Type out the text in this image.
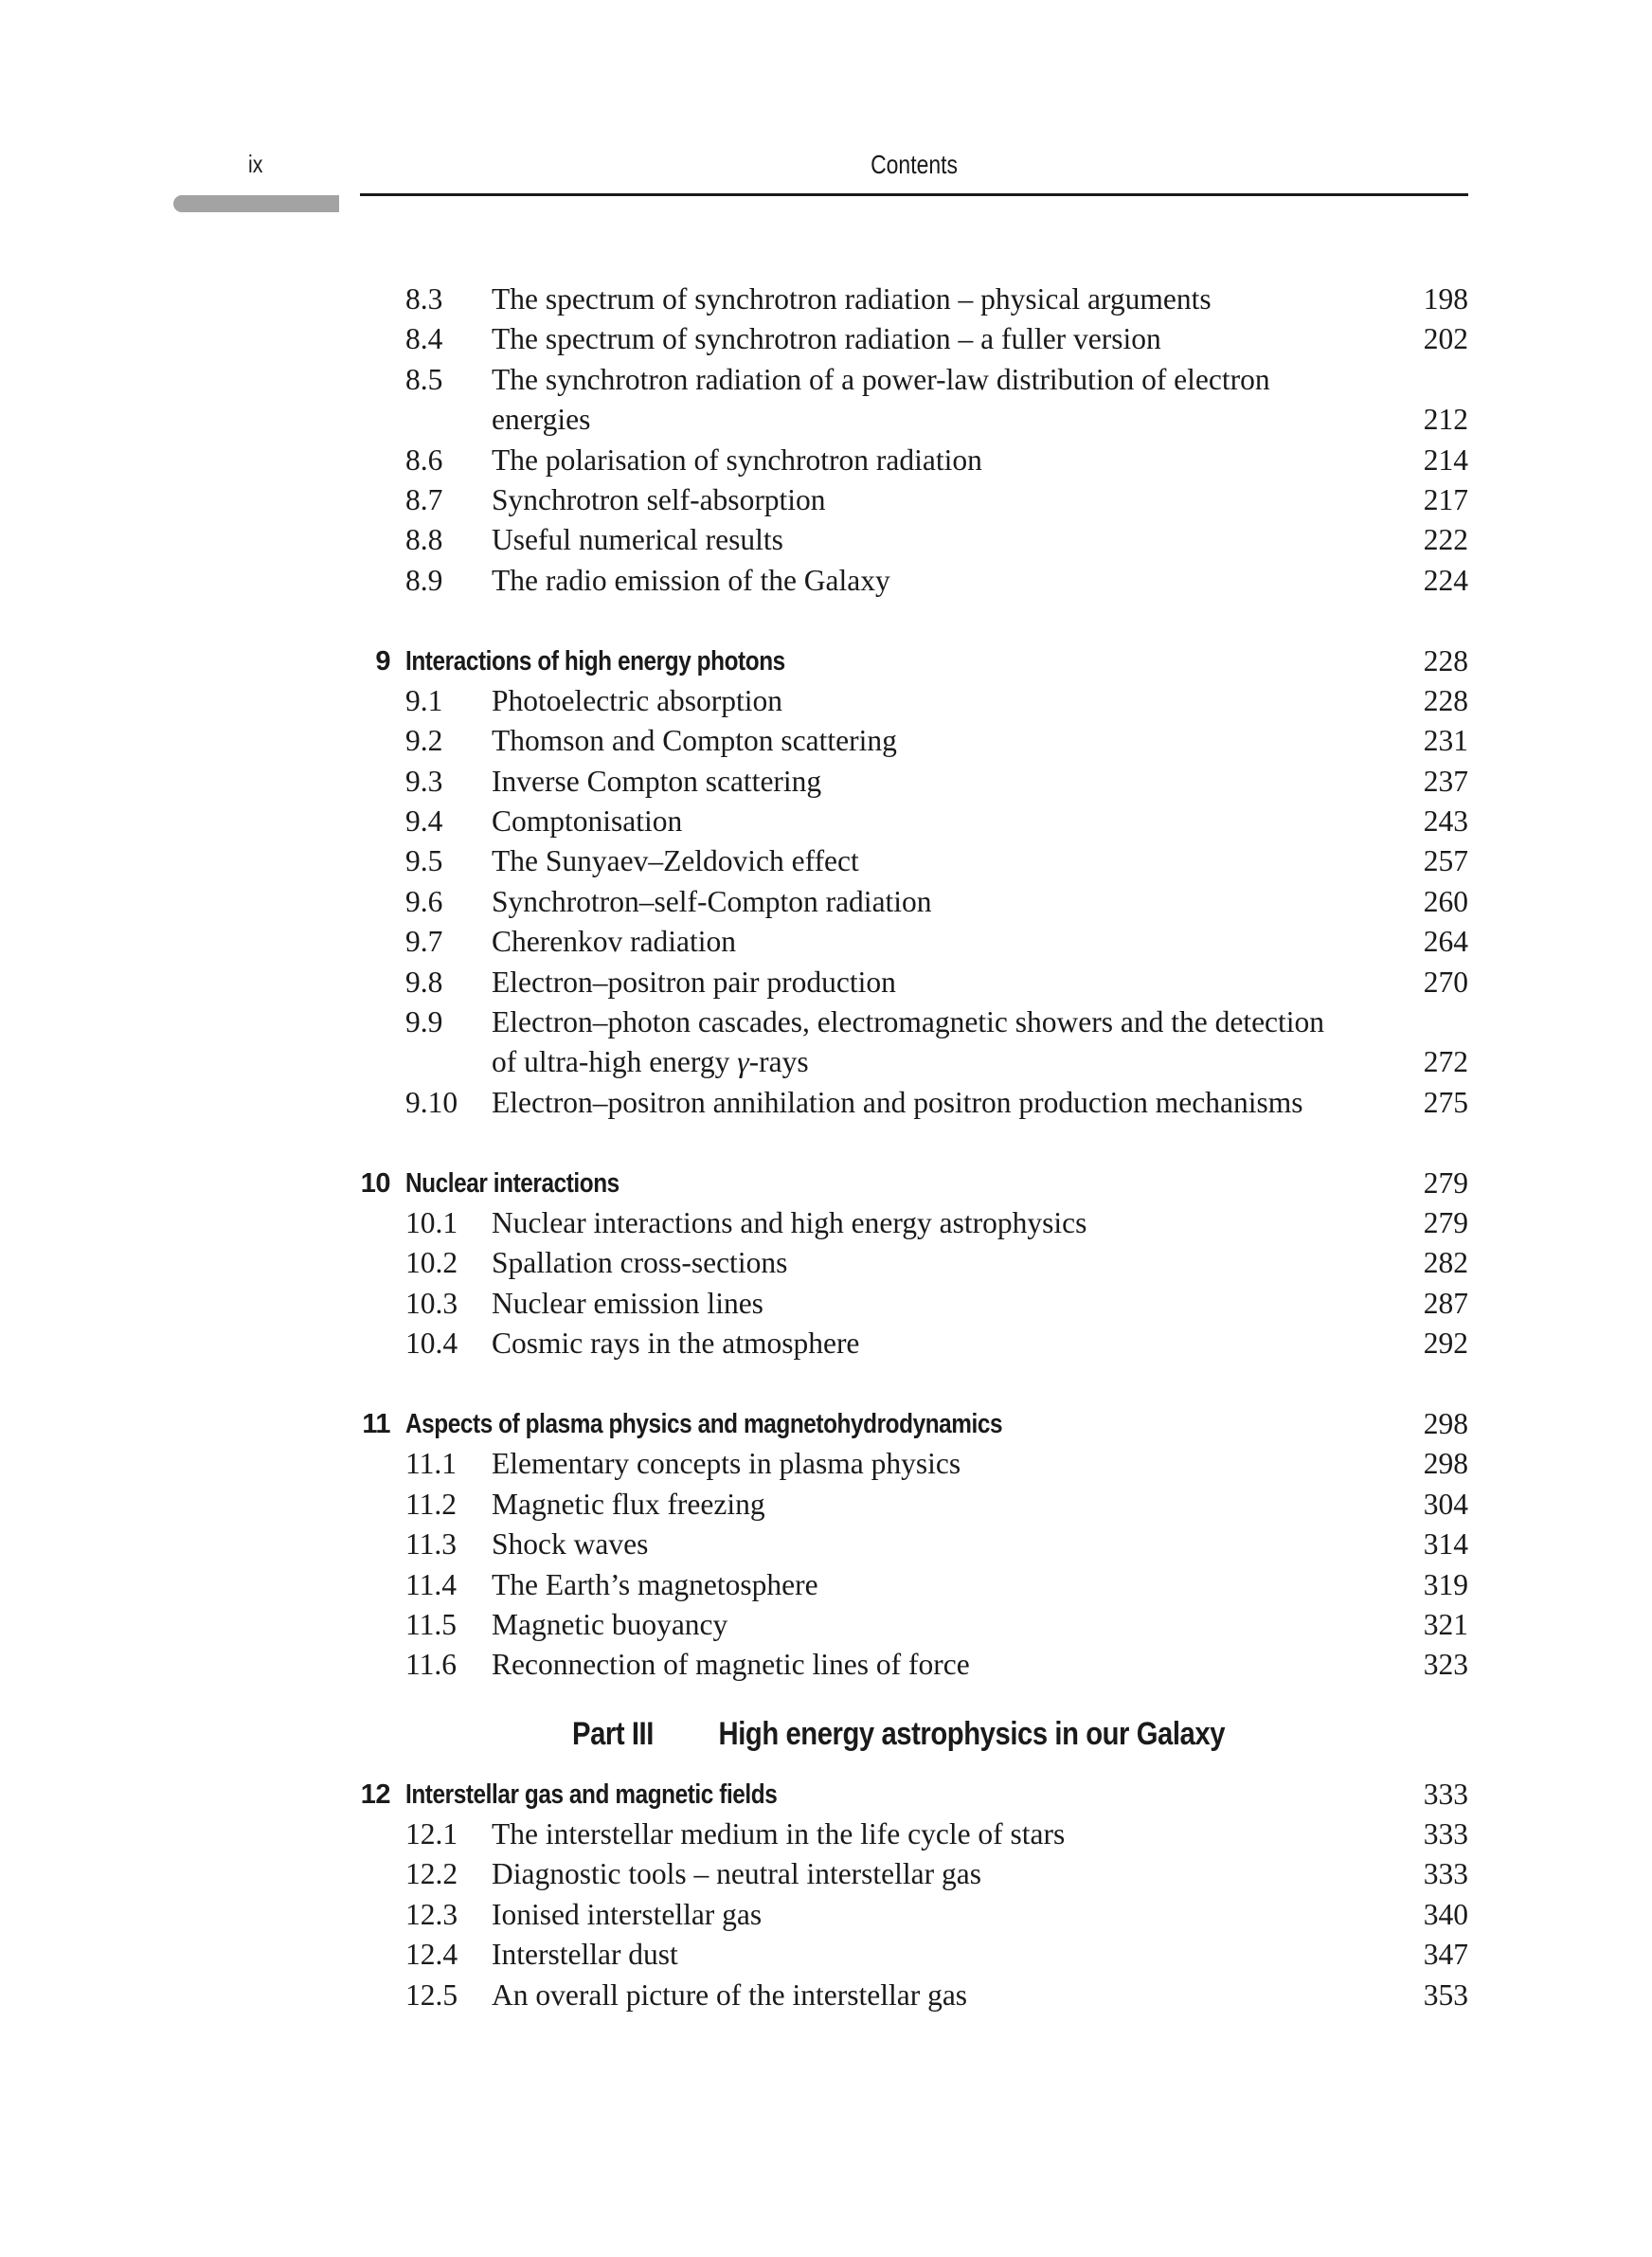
ix	Contents
8.3 The spectrum of synchrotron radiation – physical arguments	198
8.4 The spectrum of synchrotron radiation – a fuller version	202
8.5 The synchrotron radiation of a power-law distribution of electron
energies	212
8.6 The polarisation of synchrotron radiation	214
8.7 Synchrotron self-absorption	217
8.8 Useful numerical results	222
8.9 The radio emission of the Galaxy	224
9 Interactions of high energy photons	228
9.1 Photoelectric absorption	228
9.2 Thomson and Compton scattering	231
9.3 Inverse Compton scattering	237
9.4 Comptonisation	243
9.5 The Sunyaev–Zeldovich effect	257
9.6 Synchrotron–self-Compton radiation	260
9.7 Cherenkov radiation	264
9.8 Electron–positron pair production	270
9.9 Electron–photon cascades, electromagnetic showers and the detection
of ultra-high energy γ-rays	272
9.10 Electron–positron annihilation and positron production mechanisms	275
10 Nuclear interactions	279
10.1 Nuclear interactions and high energy astrophysics	279
10.2 Spallation cross-sections	282
10.3 Nuclear emission lines	287
10.4 Cosmic rays in the atmosphere	292
11 Aspects of plasma physics and magnetohydrodynamics	298
11.1 Elementary concepts in plasma physics	298
11.2 Magnetic flux freezing	304
11.3 Shock waves	314
11.4 The Earth’s magnetosphere	319
11.5 Magnetic buoyancy	321
11.6 Reconnection of magnetic lines of force	323
Part III High energy astrophysics in our Galaxy
12 Interstellar gas and magnetic fields	333
12.1 The interstellar medium in the life cycle of stars	333
12.2 Diagnostic tools – neutral interstellar gas	333
12.3 Ionised interstellar gas	340
12.4 Interstellar dust	347
12.5 An overall picture of the interstellar gas	353
